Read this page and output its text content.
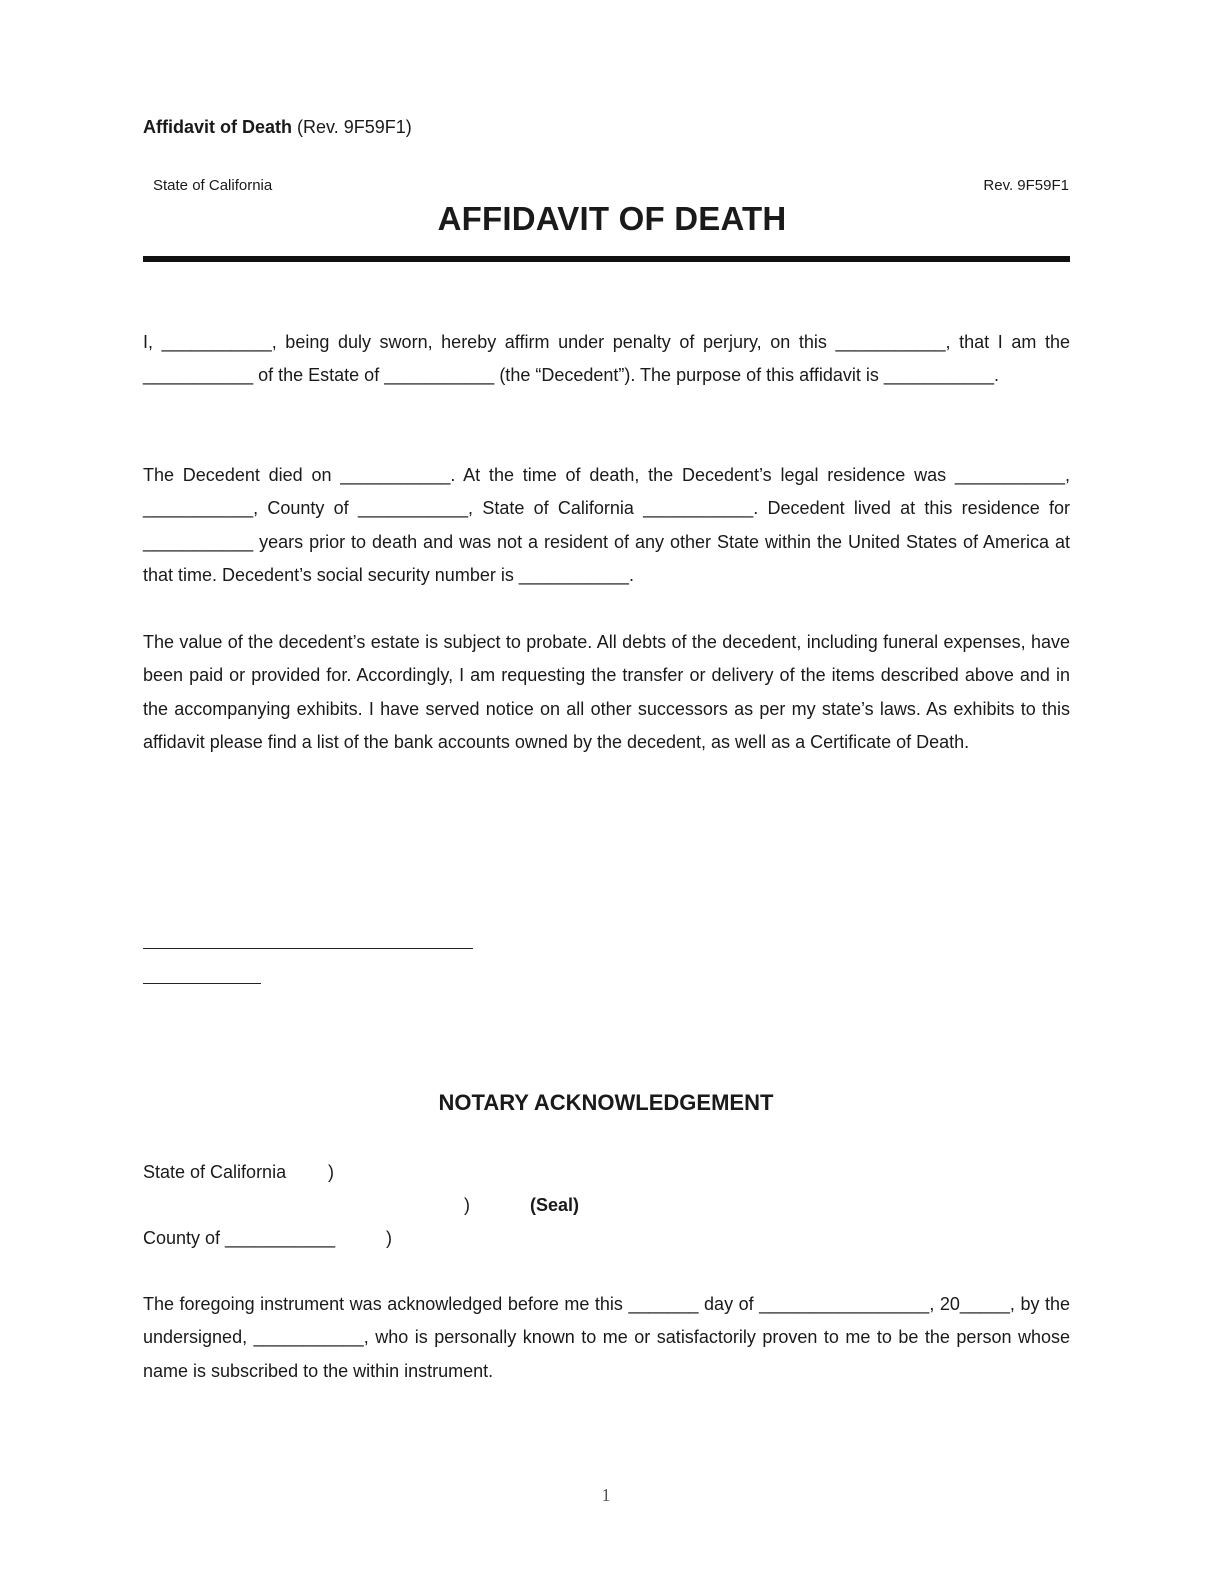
Affidavit of Death (Rev. 9F59F1)
State of California	Rev. 9F59F1
AFFIDAVIT OF DEATH

I, ___________, being duly sworn, hereby affirm under penalty of perjury, on this ___________, that I am the ___________ of the Estate of ___________ (the “Decedent”). The purpose of this affidavit is ___________.

The Decedent died on ___________. At the time of death, the Decedent’s legal residence was ___________, ___________, County of ___________, State of California ___________. Decedent lived at this residence for ___________ years prior to death and was not a resident of any other State within the United States of America at that time. Decedent’s social security number is ___________.

The value of the decedent’s estate is subject to probate. All debts of the decedent, including funeral expenses, have been paid or provided for. Accordingly, I am requesting the transfer or delivery of the items described above and in the accompanying exhibits. I have served notice on all other successors as per my state’s laws. As exhibits to this affidavit please find a list of the bank accounts owned by the decedent, as well as a Certificate of Death.

NOTARY ACKNOWLEDGEMENT
State of California )
)	(Seal)
County of ___________	)

The foregoing instrument was acknowledged before me this _______ day of _________________, 20_____, by the undersigned, ___________, who is personally known to me or satisfactorily proven to me to be the person whose name is subscribed to the within instrument.

1
